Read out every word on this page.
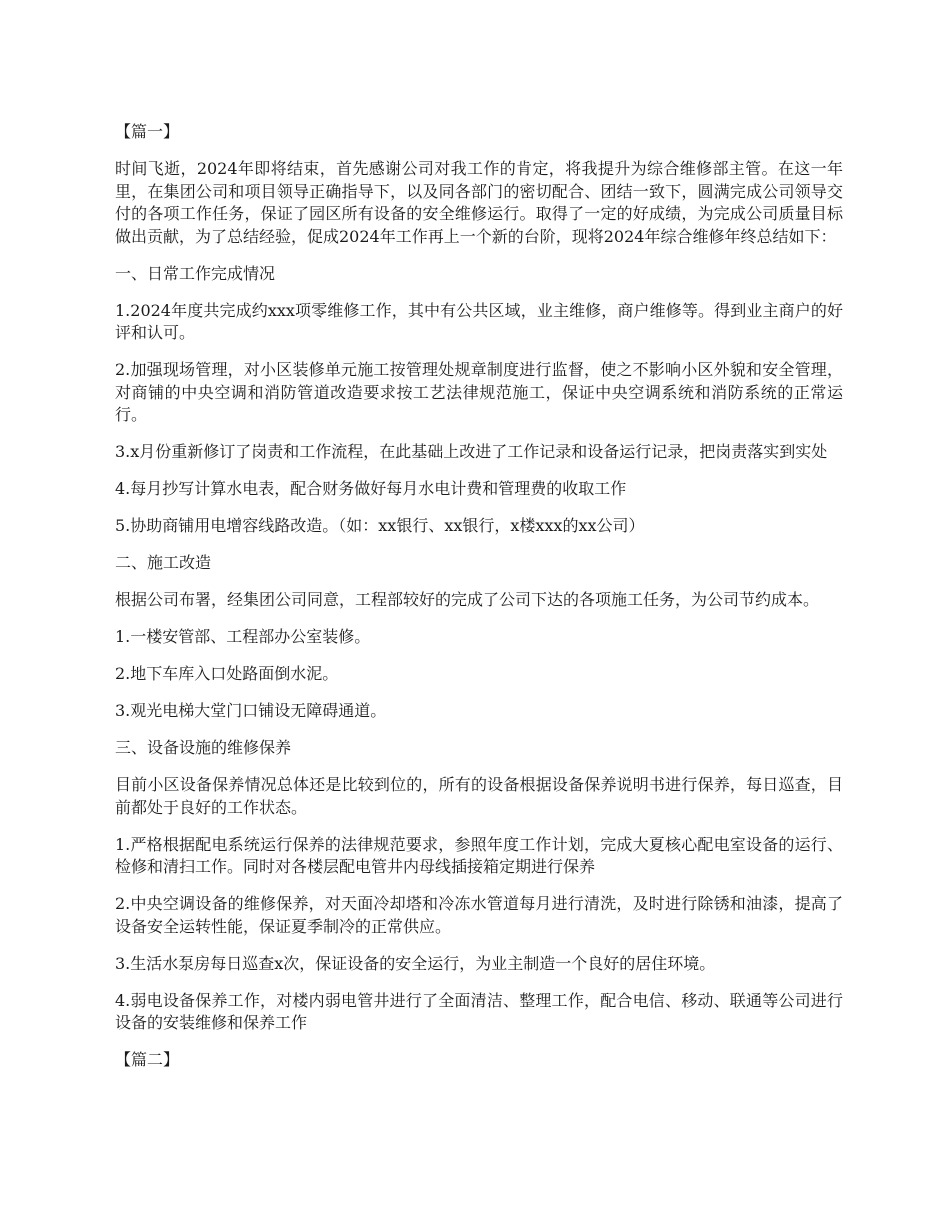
【篇一】

时间飞逝，2024年即将结束，首先感谢公司对我工作的肯定，将我提升为综合维修部主管。在这一年里，在集团公司和项目领导正确指导下，以及同各部门的密切配合、团结一致下，圆满完成公司领导交付的各项工作任务，保证了园区所有设备的安全维修运行。取得了一定的好成绩，为完成公司质量目标做出贡献，为了总结经验，促成2024年工作再上一个新的台阶，现将2024年综合维修年终总结如下：

一、日常工作完成情况

1.2024年度共完成约xxx项零维修工作，其中有公共区域，业主维修，商户维修等。得到业主商户的好评和认可。

2.加强现场管理，对小区装修单元施工按管理处规章制度进行监督，使之不影响小区外貌和安全管理，对商铺的中央空调和消防管道改造要求按工艺法律规范施工，保证中央空调系统和消防系统的正常运行。

3.x月份重新修订了岗责和工作流程，在此基础上改进了工作记录和设备运行记录，把岗责落实到实处

4.每月抄写计算水电表，配合财务做好每月水电计费和管理费的收取工作

5.协助商铺用电增容线路改造。（如：xx银行、xx银行，x楼xxx的xx公司）

二、施工改造

根据公司布署，经集团公司同意，工程部较好的完成了公司下达的各项施工任务，为公司节约成本。

1.一楼安管部、工程部办公室装修。

2.地下车库入口处路面倒水泥。

3.观光电梯大堂门口铺设无障碍通道。

三、设备设施的维修保养

目前小区设备保养情况总体还是比较到位的，所有的设备根据设备保养说明书进行保养，每日巡查，目前都处于良好的工作状态。

1.严格根据配电系统运行保养的法律规范要求，参照年度工作计划，完成大夏核心配电室设备的运行、检修和清扫工作。同时对各楼层配电管井内母线插接箱定期进行保养

2.中央空调设备的维修保养，对天面冷却塔和冷冻水管道每月进行清洗，及时进行除锈和油漆，提高了设备安全运转性能，保证夏季制冷的正常供应。

3.生活水泵房每日巡查x次，保证设备的安全运行，为业主制造一个良好的居住环境。

4.弱电设备保养工作，对楼内弱电管井进行了全面清洁、整理工作，配合电信、移动、联通等公司进行设备的安装维修和保养工作

【篇二】
